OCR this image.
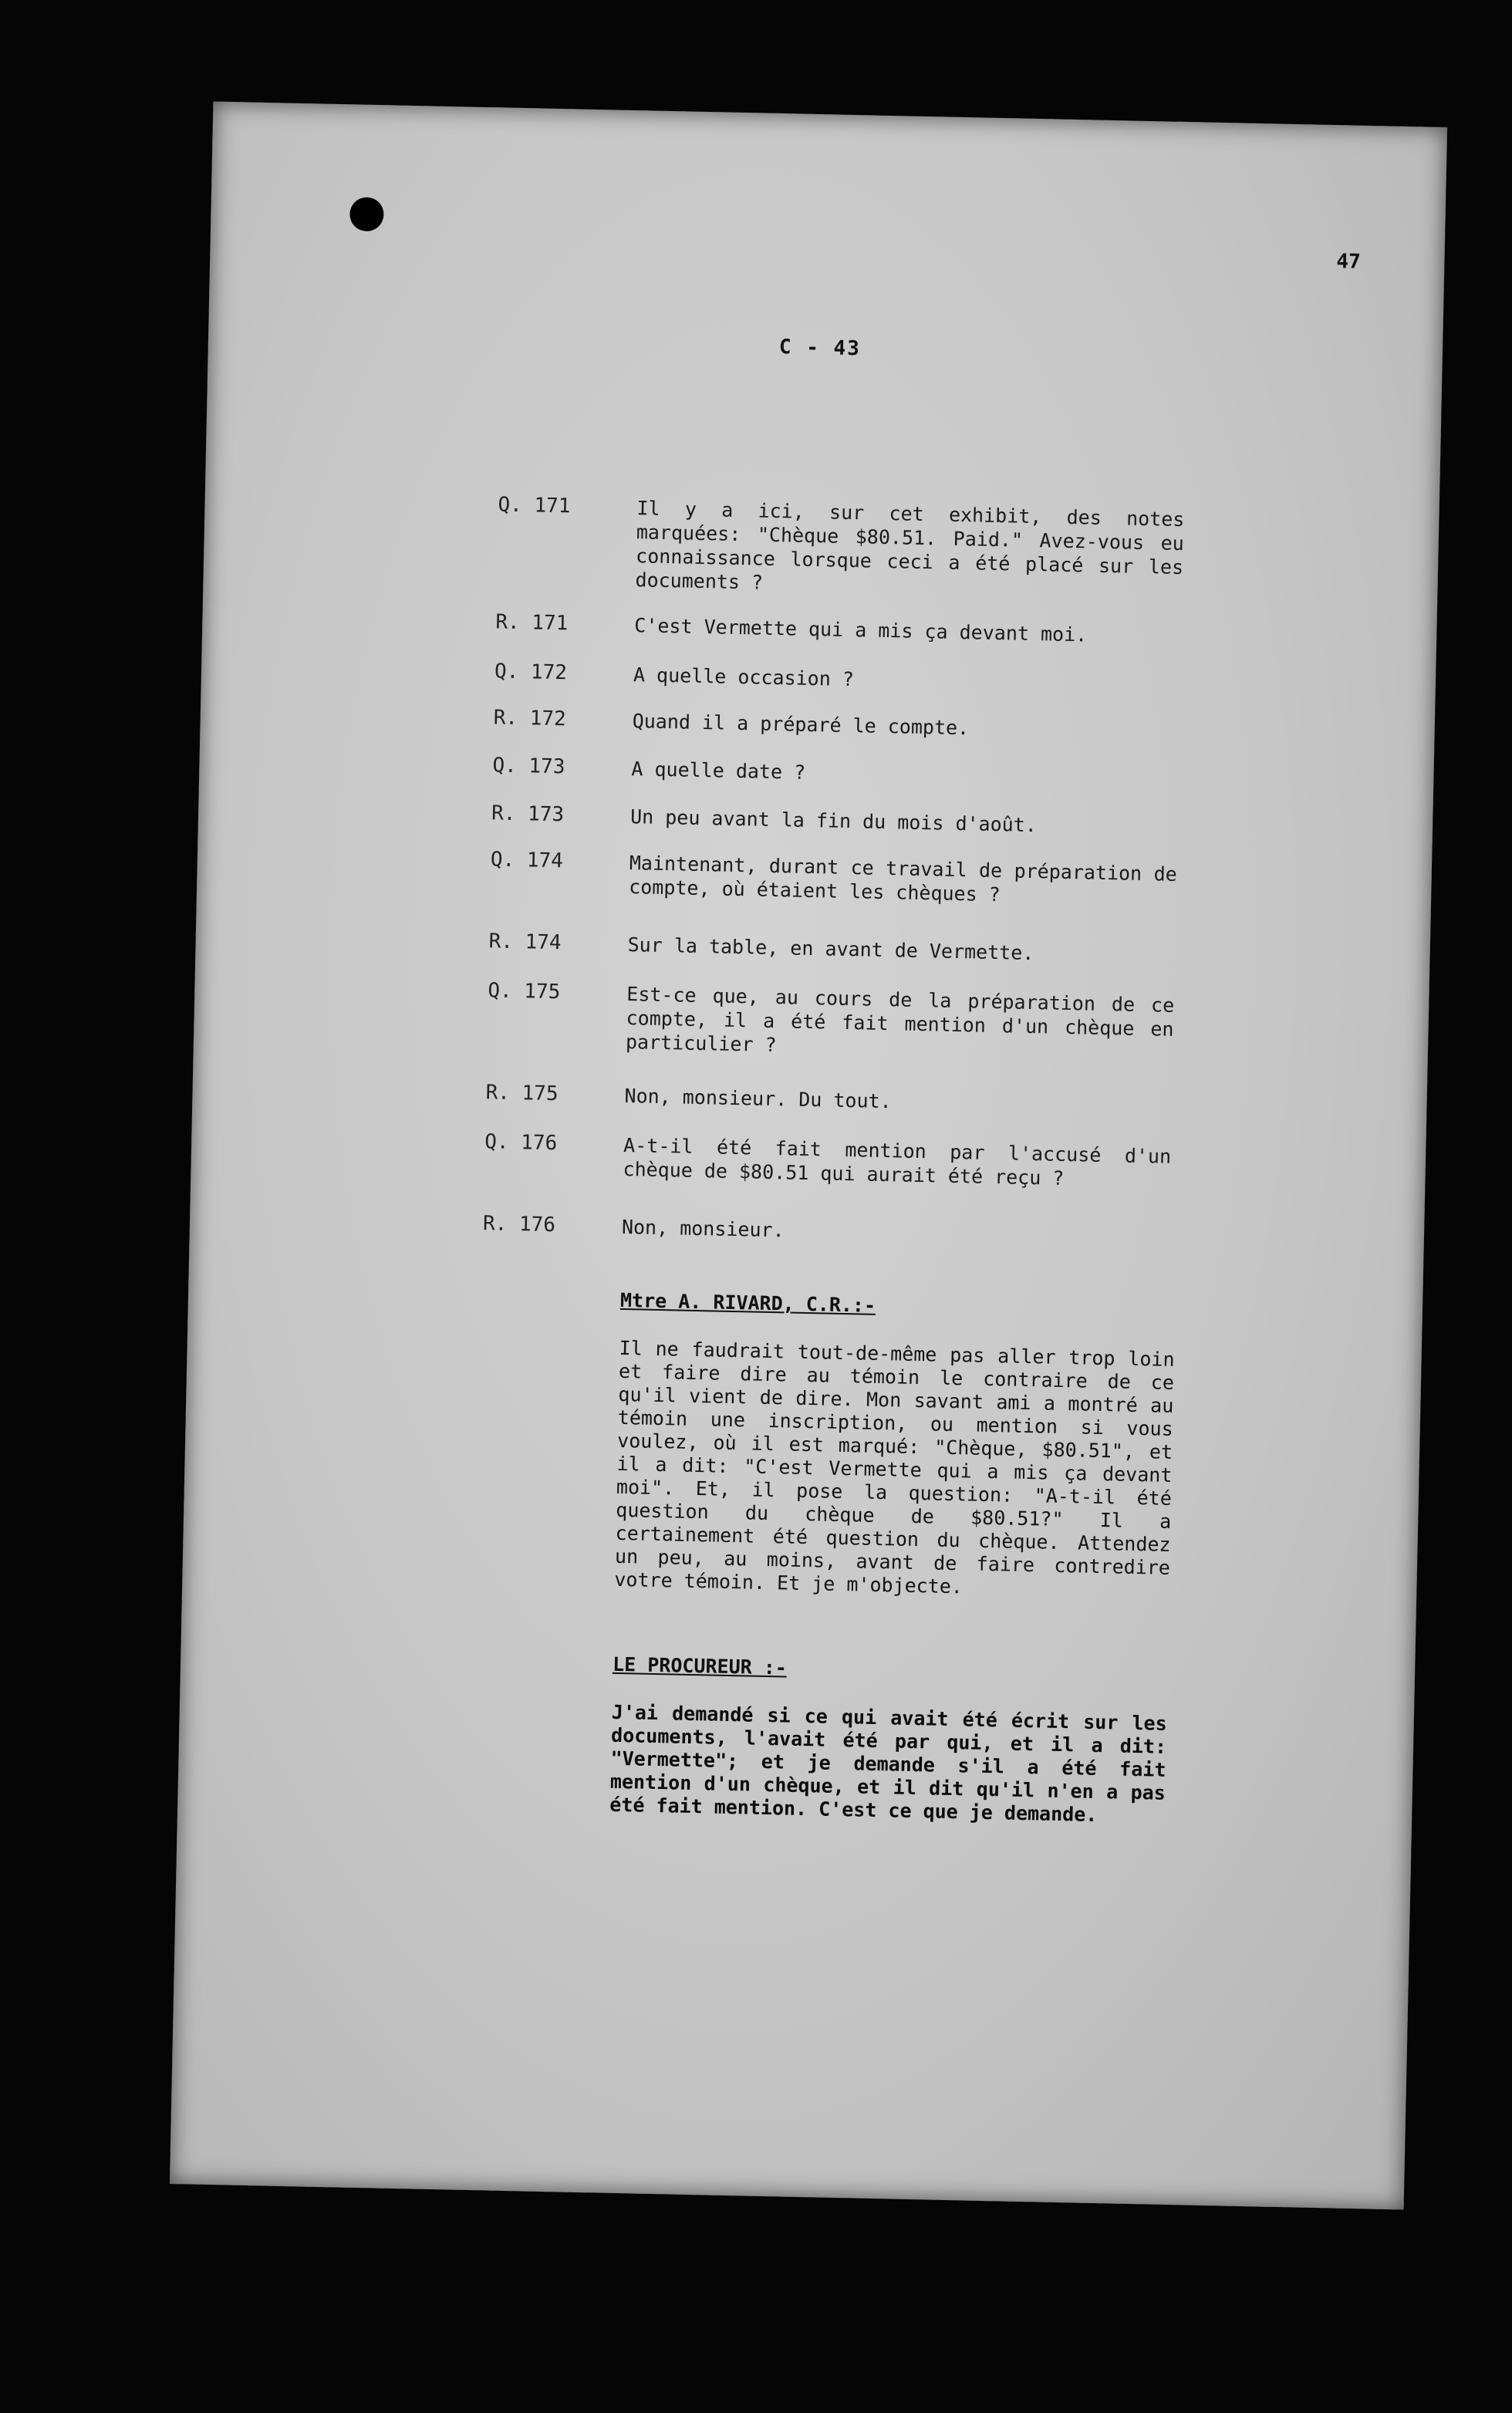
47
C - 43
Q. 171	Il y a ici, sur cet exhibit, des notes marquées: "Chèque $80.51. Paid." Avez-vous eu connaissance lorsque ceci a été placé sur les documents ?
R. 171	C'est Vermette qui a mis ça devant moi.
Q. 172	A quelle occasion ?
R. 172	Quand il a préparé le compte.
Q. 173	A quelle date ?
R. 173	Un peu avant la fin du mois d'août.
Q. 174	Maintenant, durant ce travail de préparation de compte, où étaient les chèques ?
R. 174	Sur la table, en avant de Vermette.
Q. 175	Est-ce que, au cours de la préparation de ce compte, il a été fait mention d'un chèque en particulier ?
R. 175	Non, monsieur. Du tout.
Q. 176	A-t-il été fait mention par l'accusé d'un chèque de $80.51 qui aurait été reçu ?
R. 176	Non, monsieur.
Mtre A. RIVARD, C.R.:-
Il ne faudrait tout-de-même pas aller trop loin et faire dire au témoin le contraire de ce qu'il vient de dire. Mon savant ami a montré au témoin une inscription, ou mention si vous voulez, où il est marqué: "Chèque, $80.51", et il a dit: "C'est Vermette qui a mis ça devant moi". Et, il pose la question: "A-t-il été question du chèque de $80.51?" Il a certainement été question du chèque. Attendez un peu, au moins, avant de faire contredire votre témoin. Et je m'objecte.
LE PROCUREUR :-
J'ai demandé si ce qui avait été écrit sur les documents, l'avait été par qui, et il a dit: "Vermette"; et je demande s'il a été fait mention d'un chèque, et il dit qu'il n'en a pas été fait mention. C'est ce que je demande.
